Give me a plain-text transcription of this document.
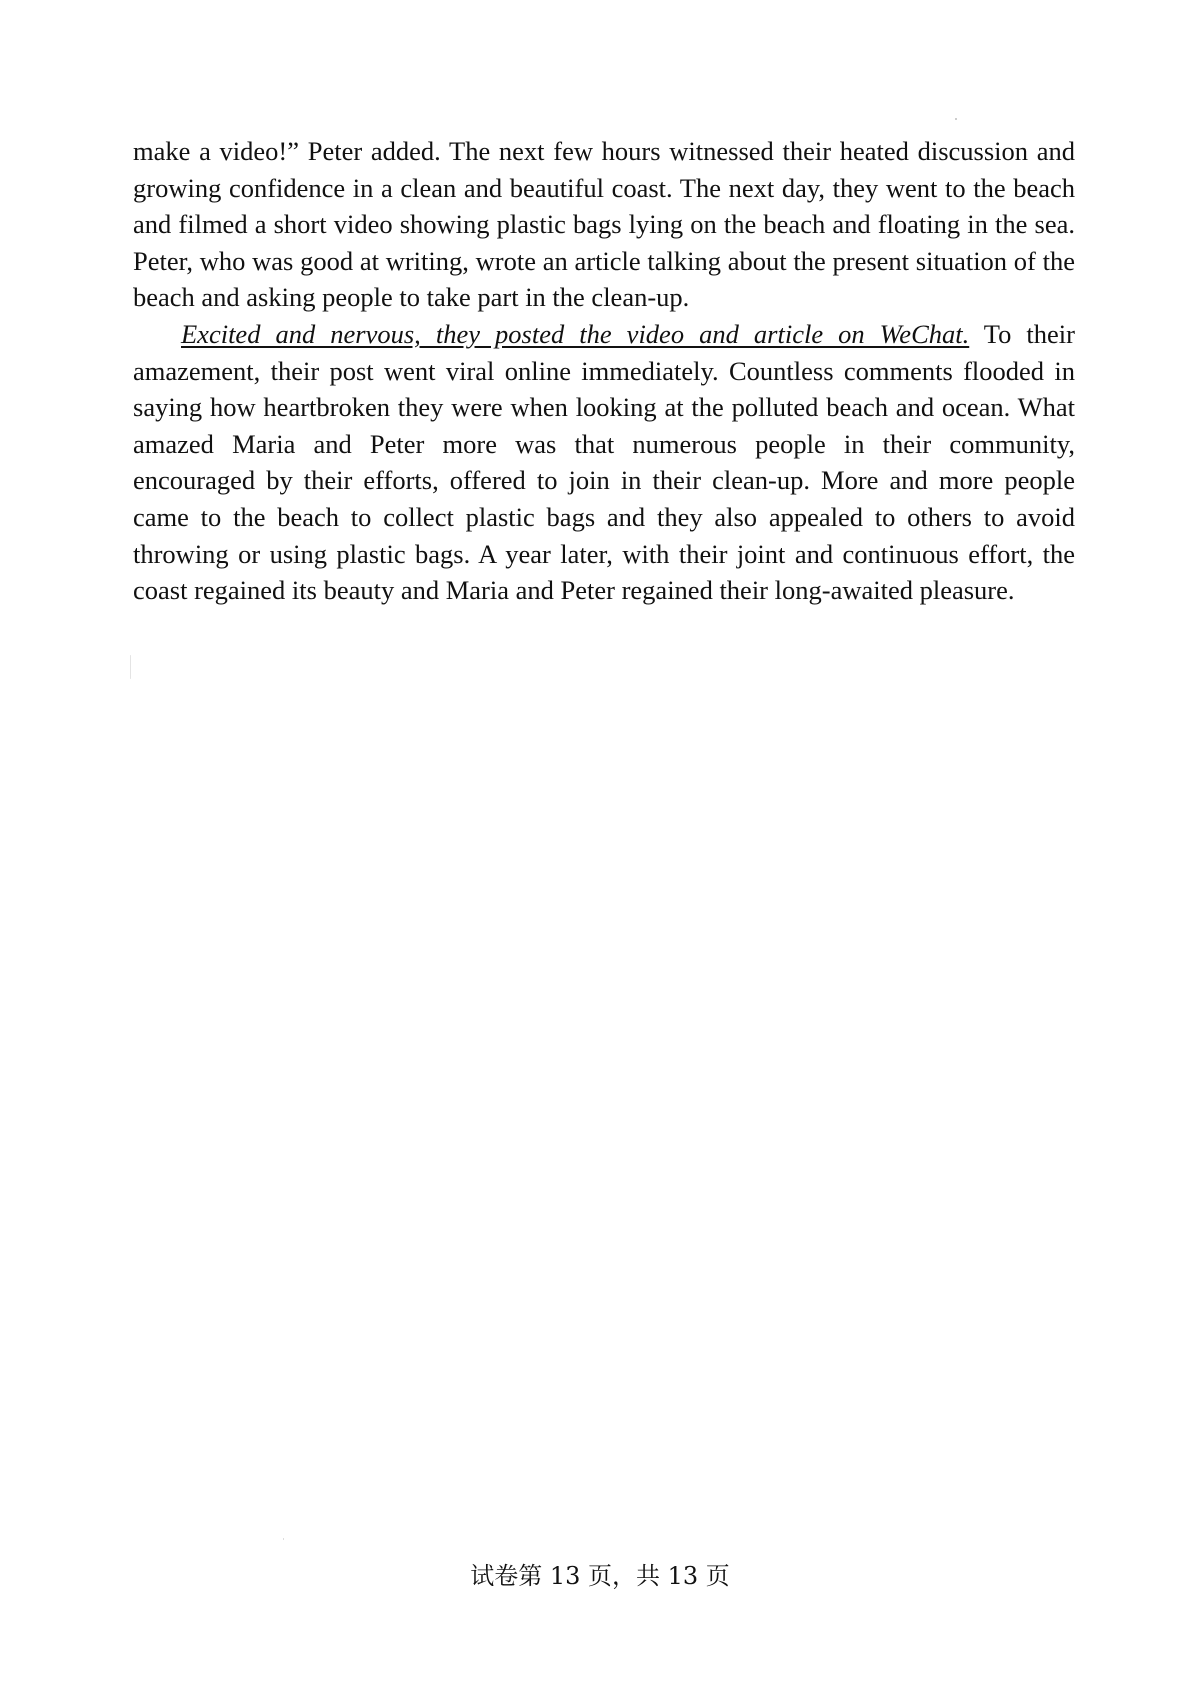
make a video!” Peter added. The next few hours witnessed their heated discussion and growing confidence in a clean and beautiful coast. The next day, they went to the beach and filmed a short video showing plastic bags lying on the beach and floating in the sea. Peter, who was good at writing, wrote an article talking about the present situation of the beach and asking people to take part in the clean-up.

Excited and nervous, they posted the video and article on WeChat. To their amazement, their post went viral online immediately. Countless comments flooded in saying how heartbroken they were when looking at the polluted beach and ocean. What amazed Maria and Peter more was that numerous people in their community, encouraged by their efforts, offered to join in their clean-up. More and more people came to the beach to collect plastic bags and they also appealed to others to avoid throwing or using plastic bags. A year later, with their joint and continuous effort, the coast regained its beauty and Maria and Peter regained their long-awaited pleasure.

试卷第 13 页，共 13 页
